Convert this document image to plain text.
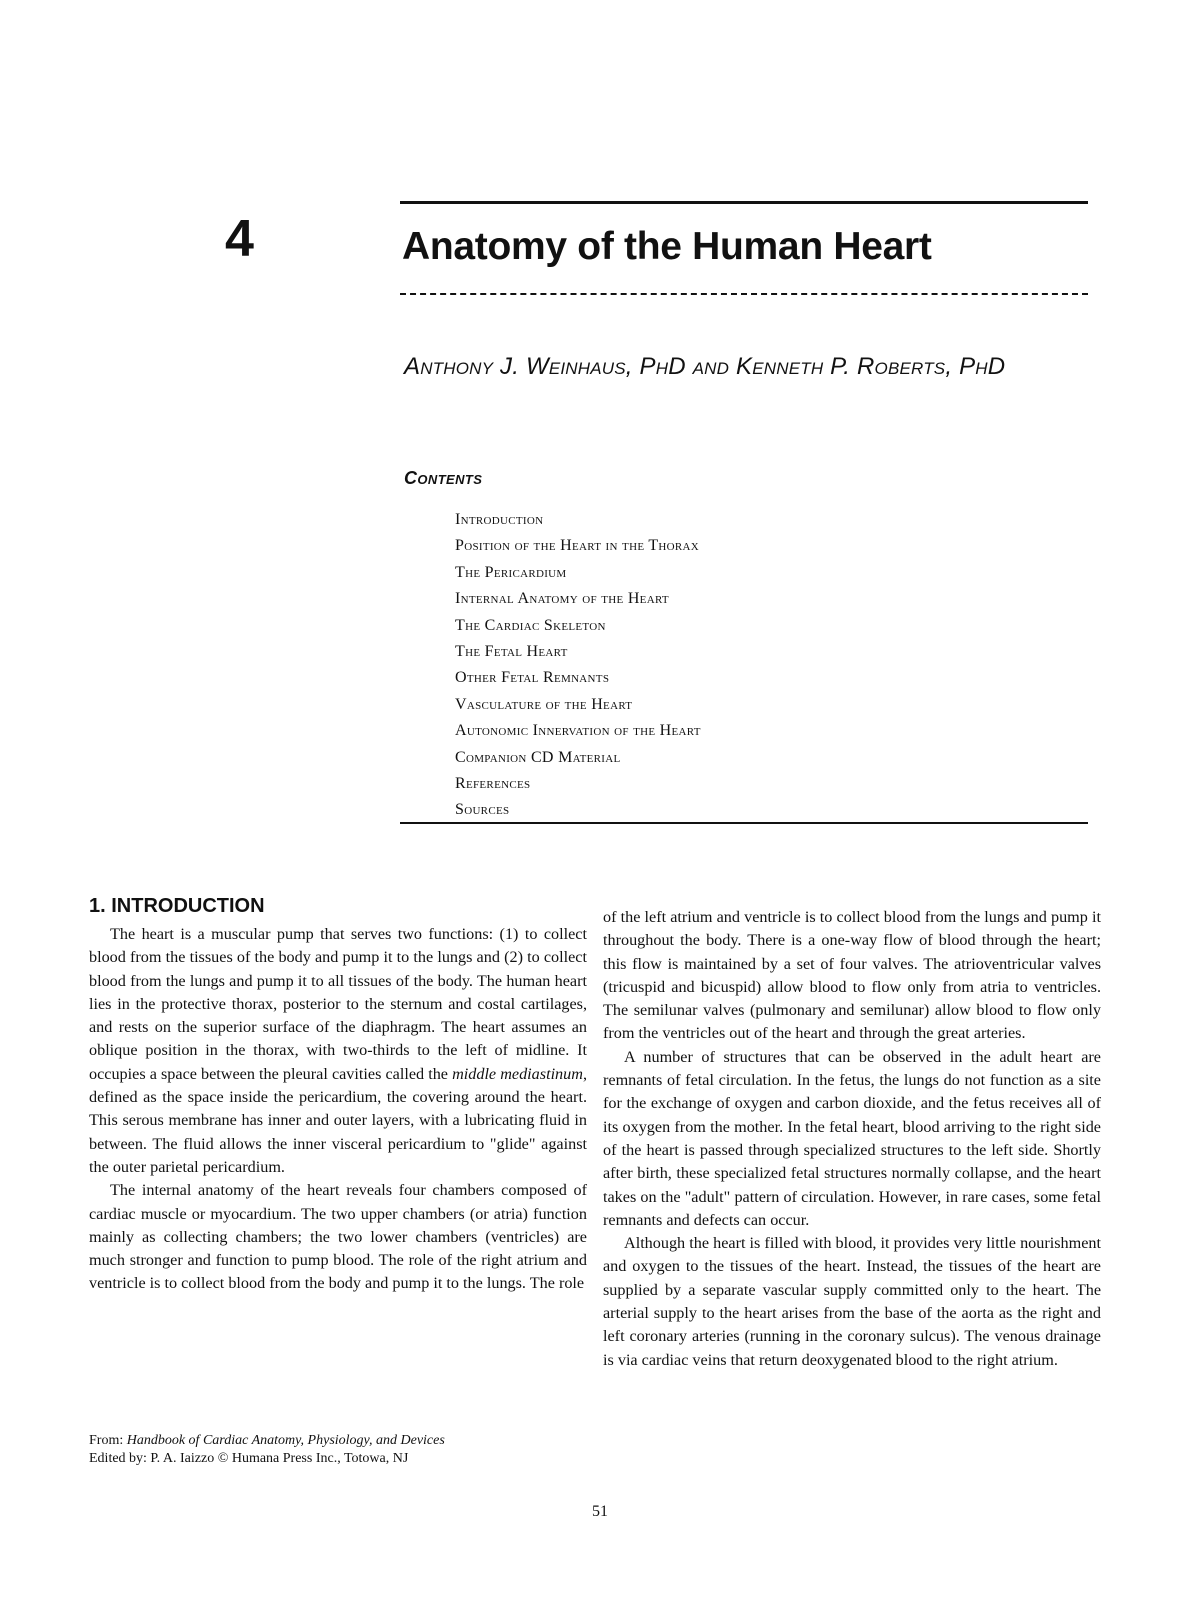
4	Anatomy of the Human Heart
Anthony J. Weinhaus, PhD and Kenneth P. Roberts, PhD
Contents
Introduction
Position of the Heart in the Thorax
The Pericardium
Internal Anatomy of the Heart
The Cardiac Skeleton
The Fetal Heart
Other Fetal Remnants
Vasculature of the Heart
Autonomic Innervation of the Heart
Companion CD Material
References
Sources
1. INTRODUCTION

The heart is a muscular pump that serves two functions: (1) to collect blood from the tissues of the body and pump it to the lungs and (2) to collect blood from the lungs and pump it to all tissues of the body. The human heart lies in the protective thorax, posterior to the sternum and costal cartilages, and rests on the superior surface of the diaphragm. The heart assumes an oblique position in the thorax, with two-thirds to the left of midline. It occupies a space between the pleural cavities called the middle mediastinum, defined as the space inside the pericardium, the covering around the heart. This serous membrane has inner and outer layers, with a lubricating fluid in between. The fluid allows the inner visceral pericardium to "glide" against the outer parietal pericardium.

The internal anatomy of the heart reveals four chambers composed of cardiac muscle or myocardium. The two upper chambers (or atria) function mainly as collecting chambers; the two lower chambers (ventricles) are much stronger and function to pump blood. The role of the right atrium and ventricle is to collect blood from the body and pump it to the lungs. The role

of the left atrium and ventricle is to collect blood from the lungs and pump it throughout the body. There is a one-way flow of blood through the heart; this flow is maintained by a set of four valves. The atrioventricular valves (tricuspid and bicuspid) allow blood to flow only from atria to ventricles. The semilunar valves (pulmonary and semilunar) allow blood to flow only from the ventricles out of the heart and through the great arteries.

A number of structures that can be observed in the adult heart are remnants of fetal circulation. In the fetus, the lungs do not function as a site for the exchange of oxygen and carbon dioxide, and the fetus receives all of its oxygen from the mother. In the fetal heart, blood arriving to the right side of the heart is passed through specialized structures to the left side. Shortly after birth, these specialized fetal structures normally collapse, and the heart takes on the "adult" pattern of circulation. However, in rare cases, some fetal remnants and defects can occur.

Although the heart is filled with blood, it provides very little nourishment and oxygen to the tissues of the heart. Instead, the tissues of the heart are supplied by a separate vascular supply committed only to the heart. The arterial supply to the heart arises from the base of the aorta as the right and left coronary arteries (running in the coronary sulcus). The venous drainage is via cardiac veins that return deoxygenated blood to the right atrium.

From: Handbook of Cardiac Anatomy, Physiology, and Devices
Edited by: P. A. Iaizzo © Humana Press Inc., Totowa, NJ
51
